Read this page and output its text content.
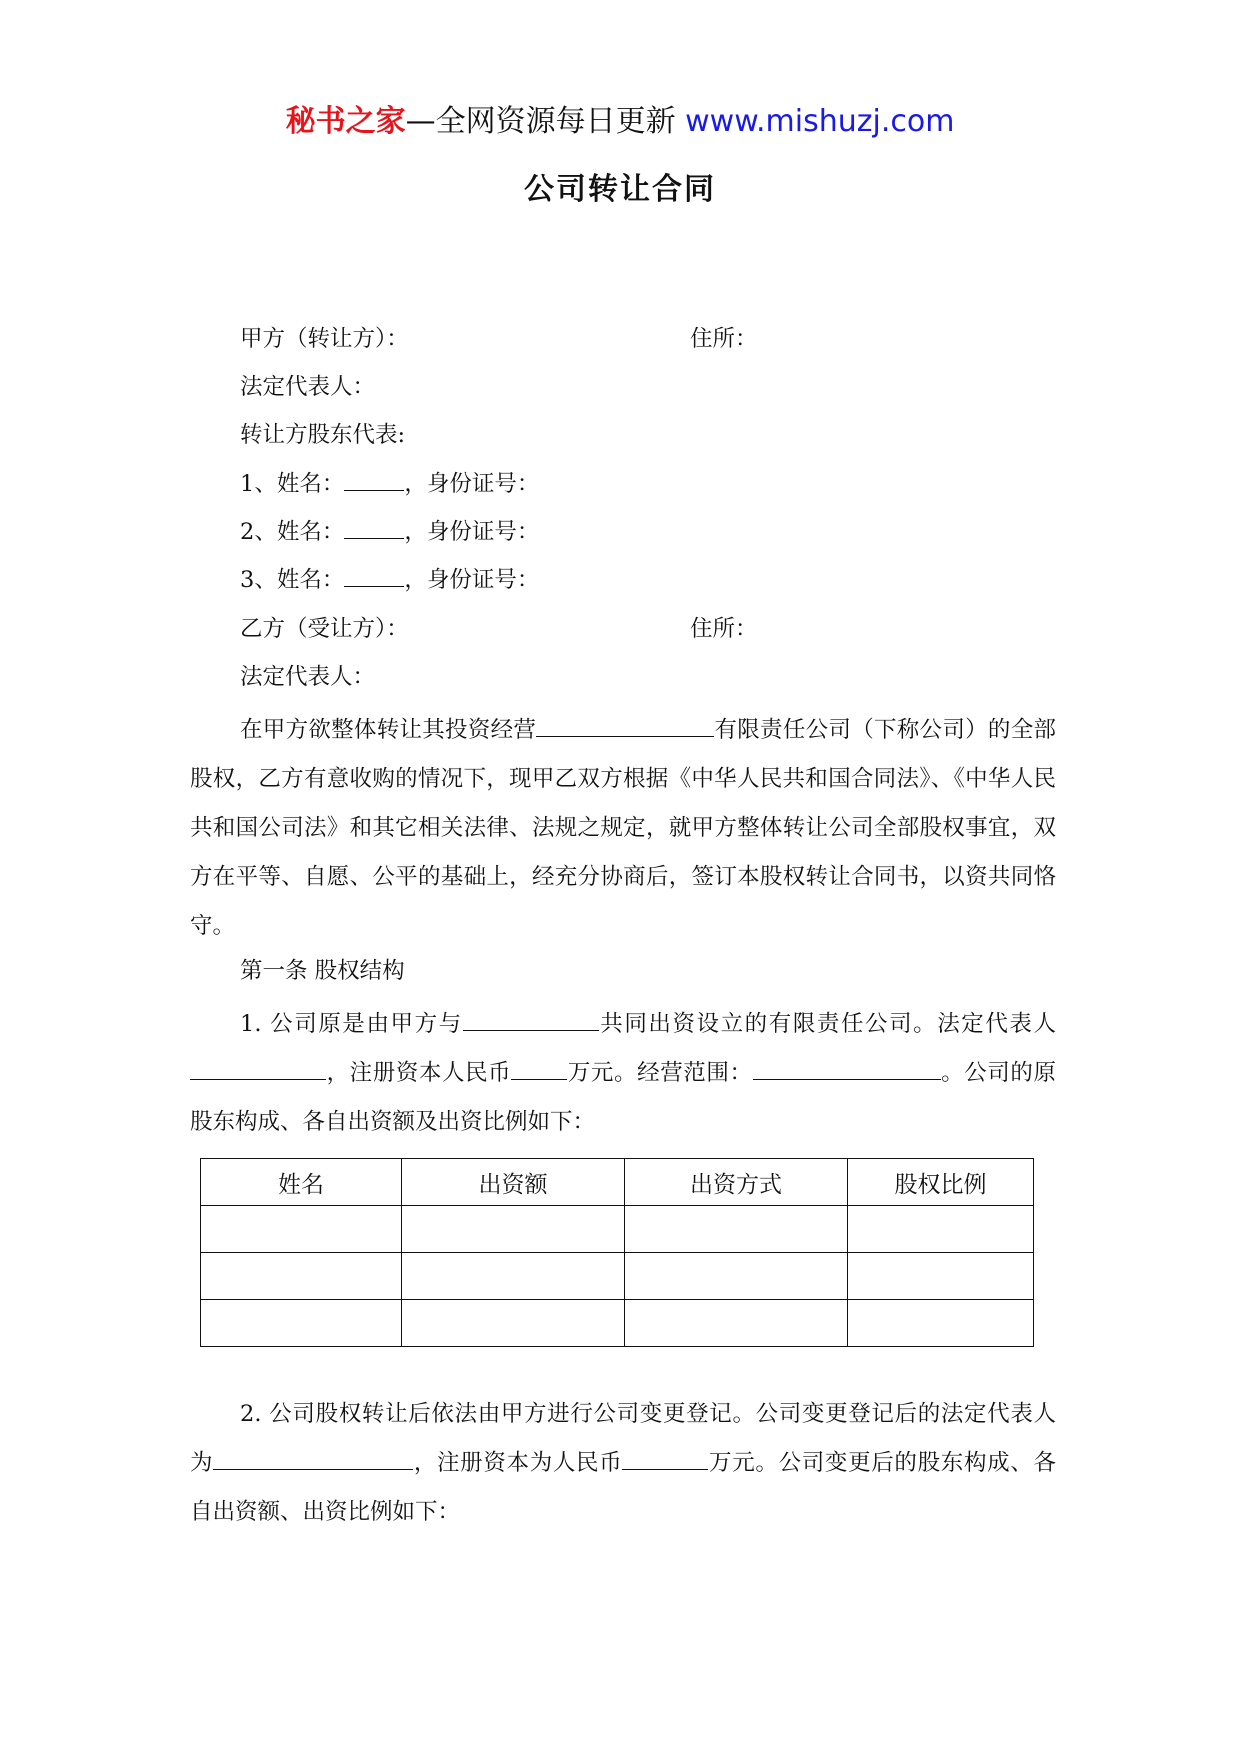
秘书之家—全网资源每日更新 www.mishuzj.com
公司转让合同
甲方（转让方）：	住所：
法定代表人：
转让方股东代表:
1、姓名：	，身份证号：
2、姓名：	，身份证号：
3、姓名：	，身份证号：
乙方（受让方）：	住所：
法定代表人：

在甲方欲整体转让其投资经营	有限责任公司（下称公司）的全部股权，乙方有意收购的情况下，现甲乙双方根据《中华人民共和国合同法》、《中华人民共和国公司法》和其它相关法律、法规之规定，就甲方整体转让公司全部股权事宜，双方在平等、自愿、公平的基础上，经充分协商后，签订本股权转让合同书，以资共同恪守。

第一条 股权结构

1. 公司原是由甲方与	共同出资设立的有限责任公司。法定代表人，注册资本人民币 万元。经营范围：	。公司的原股东构成、各自出资额及出资比例如下：

姓名	出资额	出资方式	股权比例

2. 公司股权转让后依法由甲方进行公司变更登记。公司变更登记后的法定代表人为	，注册资本为人民币	万元。公司变更后的股东构成、各自出资额、出资比例如下：
